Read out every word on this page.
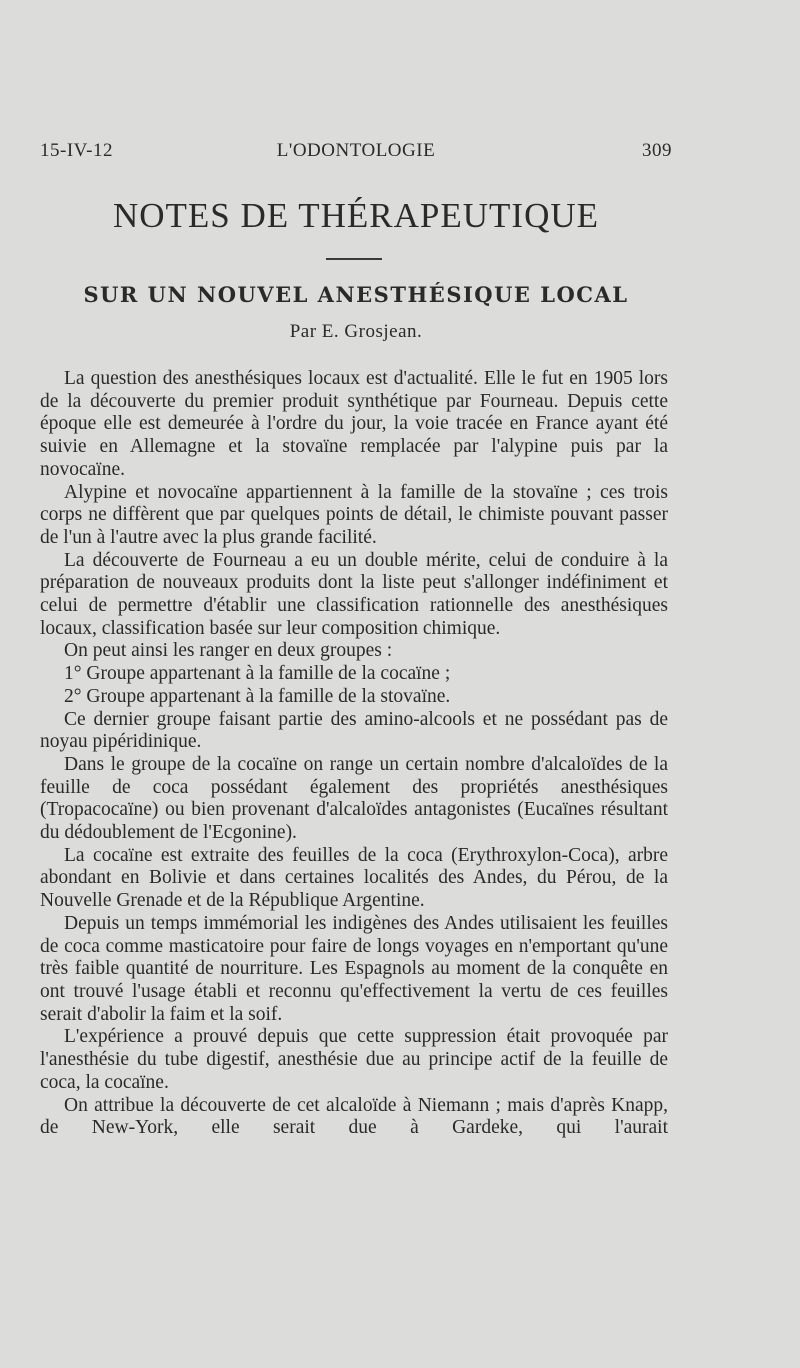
15-IV-12	L'ODONTOLOGIE	309
NOTES DE THÉRAPEUTIQUE
SUR UN NOUVEL ANESTHÉSIQUE LOCAL
Par E. Grosjean.

La question des anesthésiques locaux est d'actualité. Elle le fut en 1905 lors de la découverte du premier produit synthétique par Fourneau. Depuis cette époque elle est demeurée à l'ordre du jour, la voie tracée en France ayant été suivie en Allemagne et la stovaïne remplacée par l'alypine puis par la novocaïne.

Alypine et novocaïne appartiennent à la famille de la stovaïne ; ces trois corps ne diffèrent que par quelques points de détail, le chimiste pouvant passer de l'un à l'autre avec la plus grande facilité.

La découverte de Fourneau a eu un double mérite, celui de conduire à la préparation de nouveaux produits dont la liste peut s'allonger indéfiniment et celui de permettre d'établir une classification rationnelle des anesthésiques locaux, classification basée sur leur composition chimique.

On peut ainsi les ranger en deux groupes :

1° Groupe appartenant à la famille de la cocaïne ;

2° Groupe appartenant à la famille de la stovaïne.

Ce dernier groupe faisant partie des amino-alcools et ne possédant pas de noyau pipéridinique.

Dans le groupe de la cocaïne on range un certain nombre d'alcaloïdes de la feuille de coca possédant également des propriétés anesthésiques (Tropacocaïne) ou bien provenant d'alcaloïdes antagonistes (Eucaïnes résultant du dédoublement de l'Ecgonine).

La cocaïne est extraite des feuilles de la coca (Erythroxylon-Coca), arbre abondant en Bolivie et dans certaines localités des Andes, du Pérou, de la Nouvelle Grenade et de la République Argentine.

Depuis un temps immémorial les indigènes des Andes utilisaient les feuilles de coca comme masticatoire pour faire de longs voyages en n'emportant qu'une très faible quantité de nourriture. Les Espagnols au moment de la conquête en ont trouvé l'usage établi et reconnu qu'effectivement la vertu de ces feuilles serait d'abolir la faim et la soif.

L'expérience a prouvé depuis que cette suppression était provoquée par l'anesthésie du tube digestif, anesthésie due au principe actif de la feuille de coca, la cocaïne.

On attribue la découverte de cet alcaloïde à Niemann ; mais d'après Knapp, de New-York, elle serait due à Gardeke, qui l'aurait
